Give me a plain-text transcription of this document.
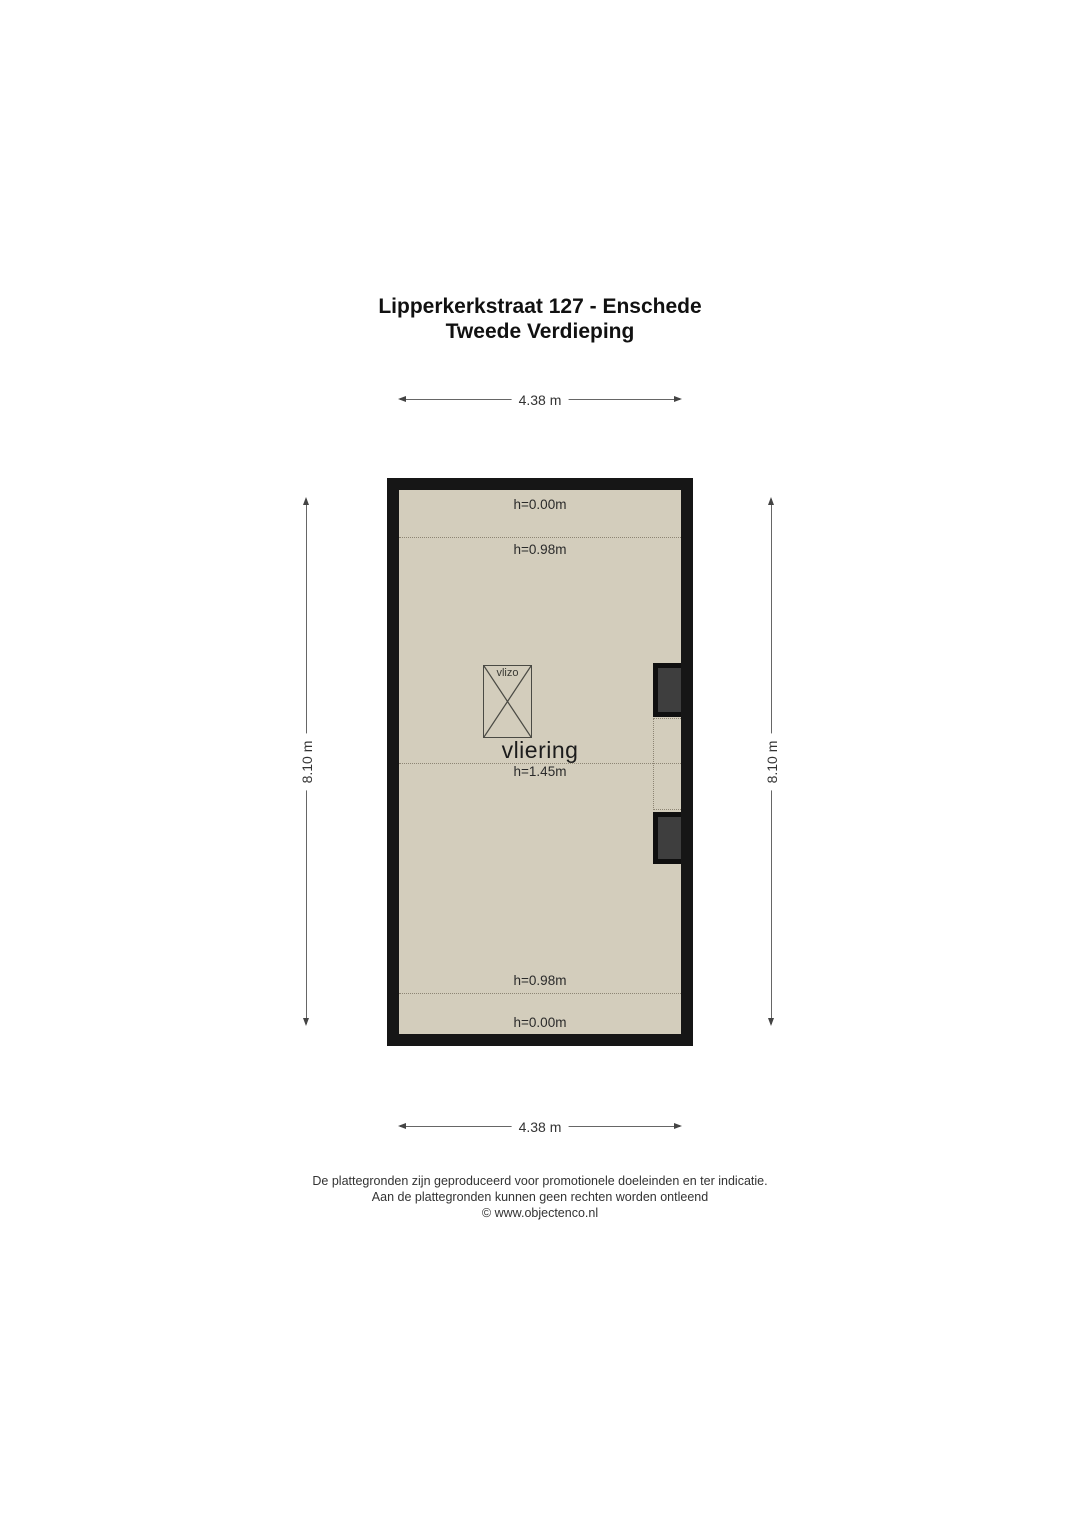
Lipperkerkstraat 127 - Enschede
Tweede Verdieping
4.38 m
4.38 m
8.10 m	8.10 m
h=0.00m
h=0.98m
h=0.98m
h=0.00m
vliering
h=1.45m
vlizo
De plattegronden zijn geproduceerd voor promotionele doeleinden en ter indicatie.
Aan de plattegronden kunnen geen rechten worden ontleend
© www.objectenco.nl
